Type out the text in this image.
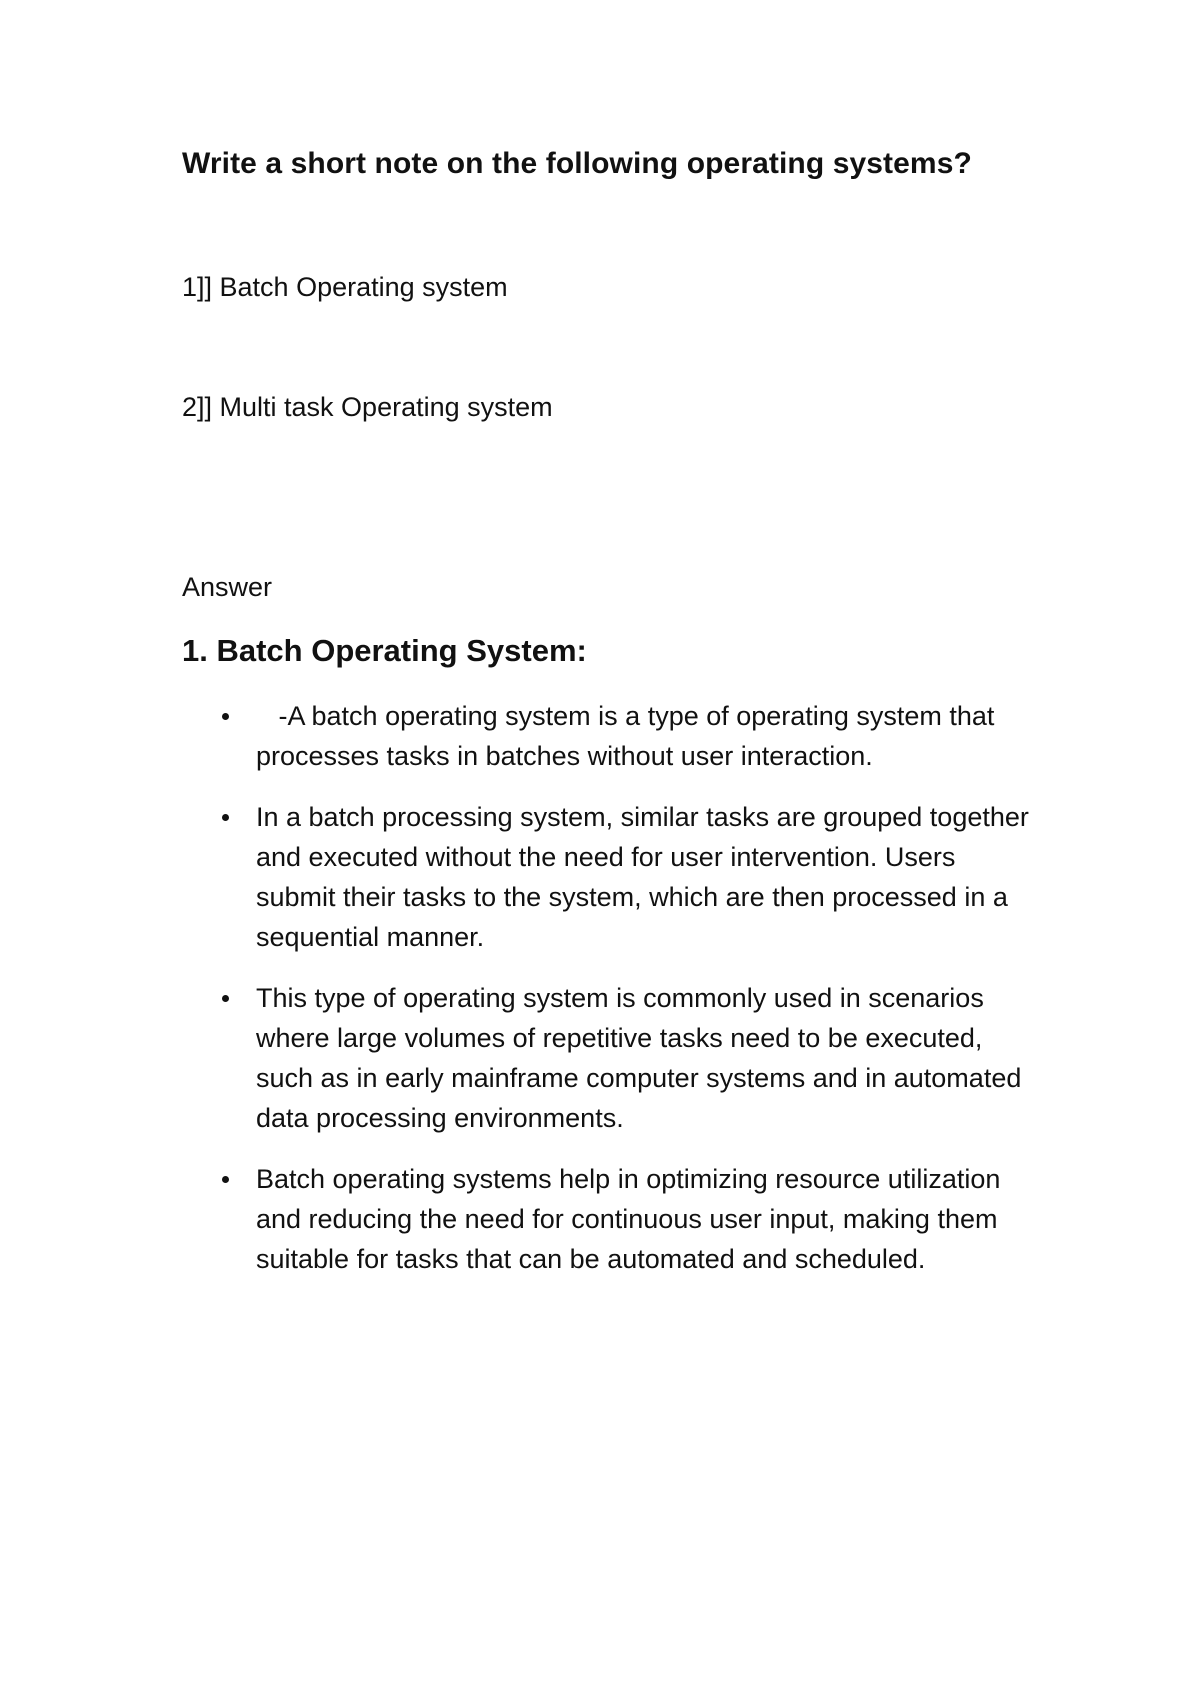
Write a short note on the following operating systems?

1]] Batch Operating system

2]] Multi task Operating system

Answer

1. Batch Operating System:
-A batch operating system is a type of operating system that processes tasks in batches without user interaction.
In a batch processing system, similar tasks are grouped together and executed without the need for user intervention. Users submit their tasks to the system, which are then processed in a sequential manner.
This type of operating system is commonly used in scenarios where large volumes of repetitive tasks need to be executed, such as in early mainframe computer systems and in automated data processing environments.
Batch operating systems help in optimizing resource utilization and reducing the need for continuous user input, making them suitable for tasks that can be automated and scheduled.
